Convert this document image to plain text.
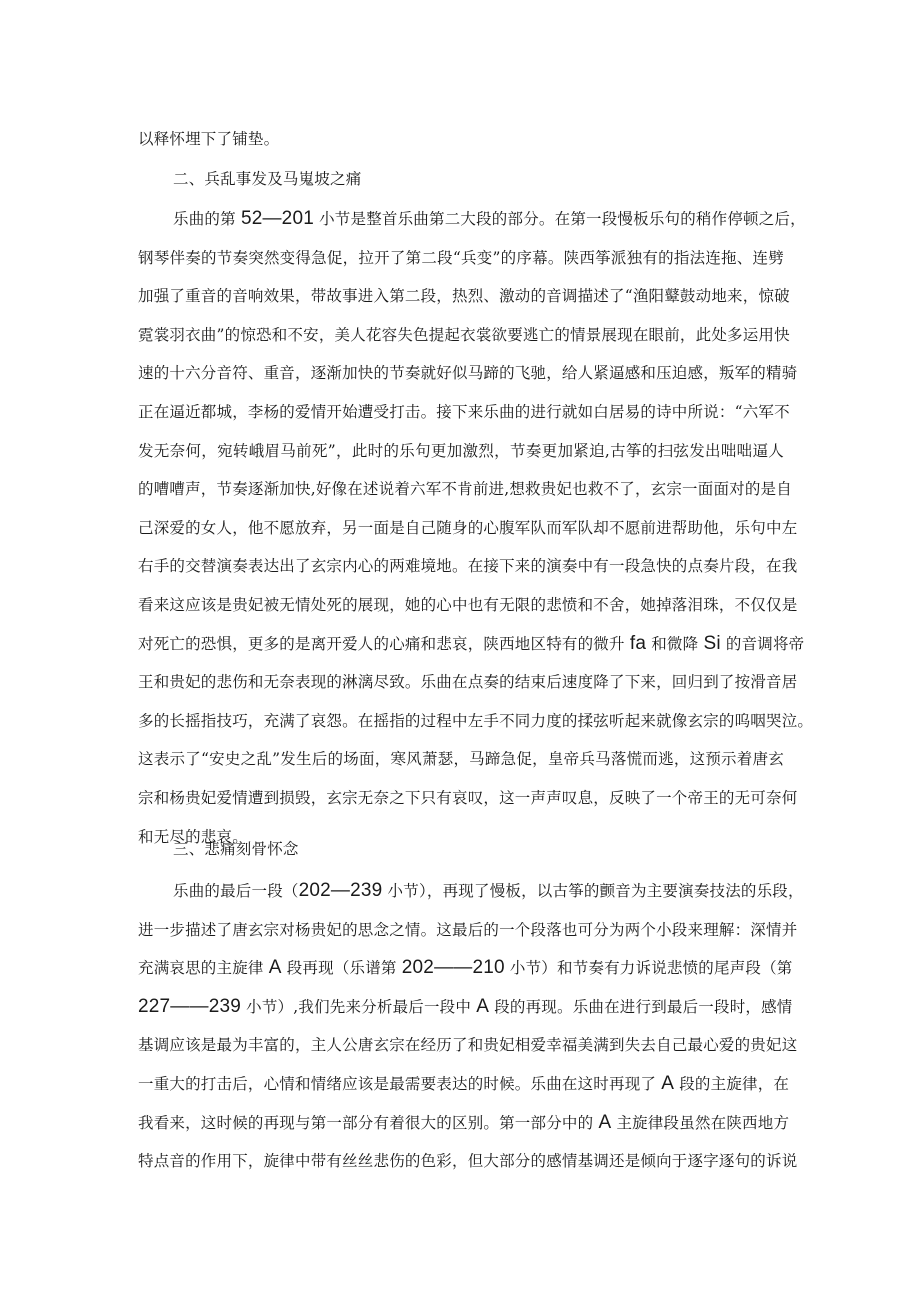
以释怀埋下了铺垫。
二、兵乱事发及马嵬坡之痛
乐曲的第 52—201 小节是整首乐曲第二大段的部分。在第一段慢板乐句的稍作停顿之后，
钢琴伴奏的节奏突然变得急促，拉开了第二段“兵变”的序幕。陕西筝派独有的指法连拖、连劈
加强了重音的音响效果，带故事进入第二段，热烈、激动的音调描述了“渔阳鼙鼓动地来，惊破
霓裳羽衣曲”的惊恐和不安，美人花容失色提起衣裳欲要逃亡的情景展现在眼前，此处多运用快
速的十六分音符、重音，逐渐加快的节奏就好似马蹄的飞驰，给人紧逼感和压迫感，叛军的精骑
正在逼近都城，李杨的爱情开始遭受打击。接下来乐曲的进行就如白居易的诗中所说：“六军不
发无奈何，宛转峨眉马前死”，此时的乐句更加激烈，节奏更加紧迫,古筝的扫弦发出咄咄逼人
的嘈嘈声，节奏逐渐加快,好像在述说着六军不肯前进,想救贵妃也救不了，玄宗一面面对的是自
己深爱的女人，他不愿放弃，另一面是自己随身的心腹军队而军队却不愿前进帮助他，乐句中左
右手的交替演奏表达出了玄宗内心的两难境地。在接下来的演奏中有一段急快的点奏片段，在我
看来这应该是贵妃被无情处死的展现，她的心中也有无限的悲愤和不舍，她掉落泪珠，不仅仅是
对死亡的恐惧，更多的是离开爱人的心痛和悲哀，陕西地区特有的微升 fa 和微降 Si 的音调将帝
王和贵妃的悲伤和无奈表现的淋漓尽致。乐曲在点奏的结束后速度降了下来，回归到了按滑音居
多的长摇指技巧，充满了哀怨。在摇指的过程中左手不同力度的揉弦听起来就像玄宗的呜咽哭泣。
这表示了“安史之乱”发生后的场面，寒风萧瑟，马蹄急促，皇帝兵马落慌而逃，这预示着唐玄
宗和杨贵妃爱情遭到损毁，玄宗无奈之下只有哀叹，这一声声叹息，反映了一个帝王的无可奈何
和无尽的悲哀。
三、悲痛刻骨怀念
乐曲的最后一段（202—239 小节），再现了慢板，以古筝的颤音为主要演奏技法的乐段，
进一步描述了唐玄宗对杨贵妃的思念之情。这最后的一个段落也可分为两个小段来理解：深情并
充满哀思的主旋律 A 段再现（乐谱第 202——210 小节）和节奏有力诉说悲愤的尾声段（第
227——239 小节）,我们先来分析最后一段中 A 段的再现。乐曲在进行到最后一段时，感情
基调应该是最为丰富的，主人公唐玄宗在经历了和贵妃相爱幸福美满到失去自己最心爱的贵妃这
一重大的打击后，心情和情绪应该是最需要表达的时候。乐曲在这时再现了 A 段的主旋律，在
我看来，这时候的再现与第一部分有着很大的区别。第一部分中的 A 主旋律段虽然在陕西地方
特点音的作用下，旋律中带有丝丝悲伤的色彩，但大部分的感情基调还是倾向于逐字逐句的诉说
